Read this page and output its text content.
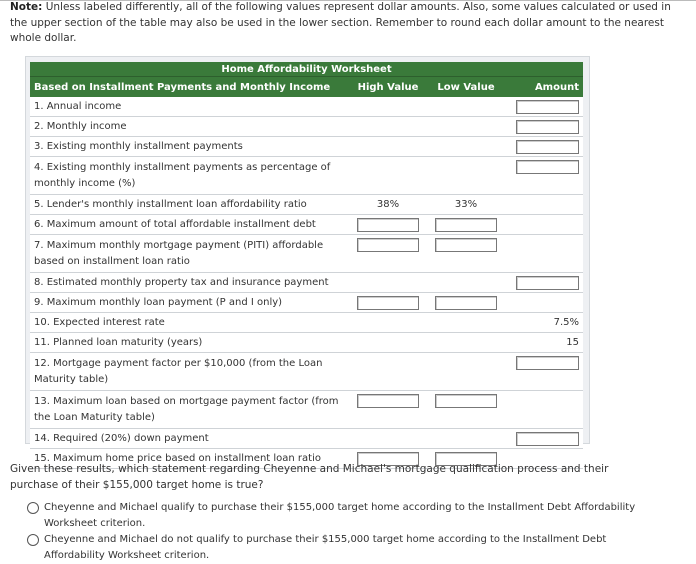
Note: Unless labeled differently, all of the following values represent dollar amounts. Also, some values calculated or used in the upper section of the table may also be used in the lower section. Remember to round each dollar amount to the nearest whole dollar.
Home Affordability Worksheet			
Based on Installment Payments and Monthly Income	High Value	Low Value	Amount
1. Annual income			
2. Monthly income			
3. Existing monthly installment payments			
4. Existing monthly installment payments as percentage of monthly income (%)			
5. Lender's monthly installment loan affordability ratio	38%	33%	
6. Maximum amount of total affordable installment debt			
7. Maximum monthly mortgage payment (PITI) affordable based on installment loan ratio			
8. Estimated monthly property tax and insurance payment			
9. Maximum monthly loan payment (P and I only)			
10. Expected interest rate			7.5%
11. Planned loan maturity (years)			15
12. Mortgage payment factor per $10,000 (from the Loan Maturity table)			
13. Maximum loan based on mortgage payment factor (from the Loan Maturity table)			
14. Required (20%) down payment			
15. Maximum home price based on installment loan ratio			
Given these results, which statement regarding Cheyenne and Michael's mortgage qualification process and their purchase of their $155,000 target home is true?
Cheyenne and Michael qualify to purchase their $155,000 target home according to the Installment Debt Affordability Worksheet criterion.
Cheyenne and Michael do not qualify to purchase their $155,000 target home according to the Installment Debt Affordability Worksheet criterion.
